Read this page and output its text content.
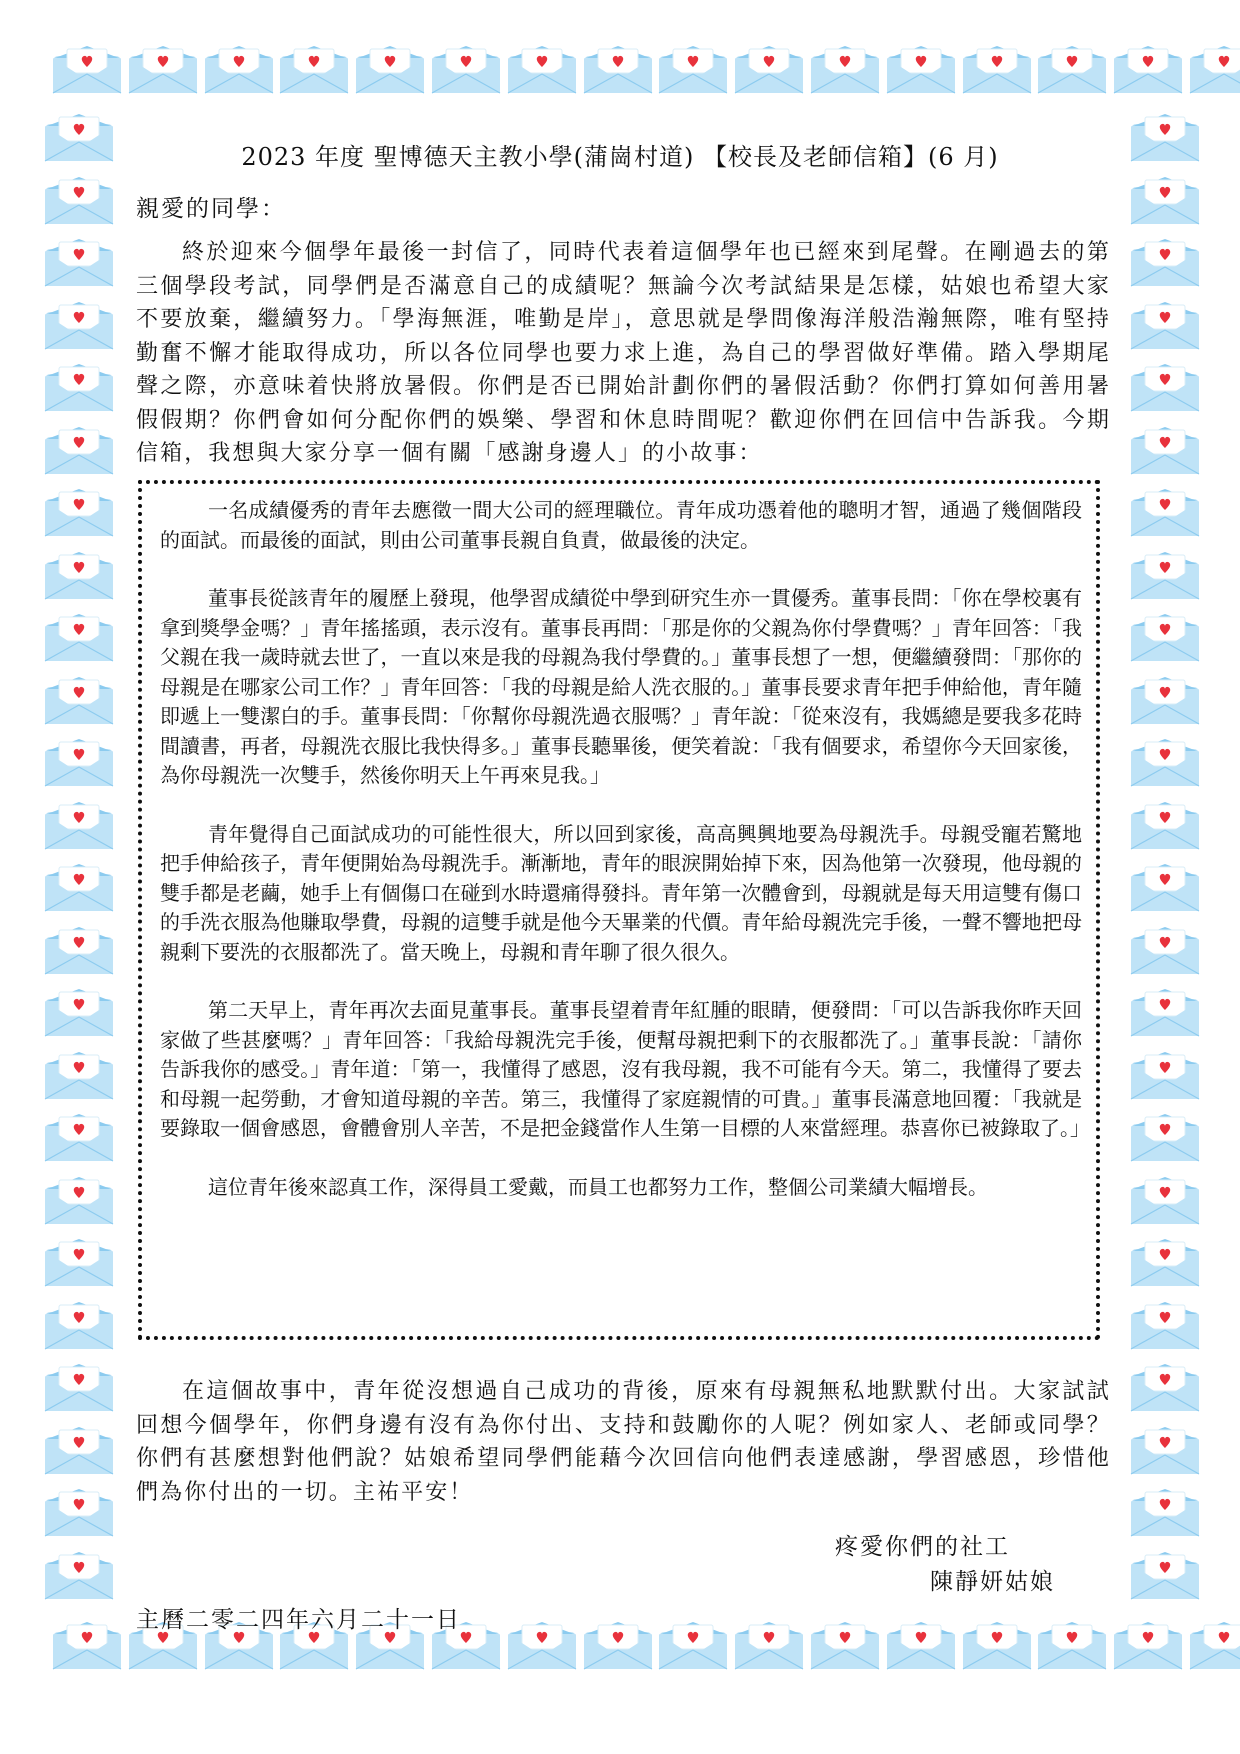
2023 年度 聖博德天主教小學(蒲崗村道) 【校長及老師信箱】(6 月)
親愛的同學：

終於迎來今個學年最後一封信了，同時代表着這個學年也已經來到尾聲。在剛過去的第三個學段考試，同學們是否滿意自己的成績呢？無論今次考試結果是怎樣，姑娘也希望大家不要放棄，繼續努力。「學海無涯，唯勤是岸」，意思就是學問像海洋般浩瀚無際，唯有堅持勤奮不懈才能取得成功，所以各位同學也要力求上進，為自己的學習做好準備。踏入學期尾聲之際，亦意味着快將放暑假。你們是否已開始計劃你們的暑假活動？你們打算如何善用暑假假期？你們會如何分配你們的娛樂、學習和休息時間呢？歡迎你們在回信中告訴我。今期信箱，我想與大家分享一個有關「感謝身邊人」的小故事：

一名成績優秀的青年去應徵一間大公司的經理職位。青年成功憑着他的聰明才智，通過了幾個階段的面試。而最後的面試，則由公司董事長親自負責，做最後的決定。

董事長從該青年的履歷上發現，他學習成績從中學到研究生亦一貫優秀。董事長問：「你在學校裏有拿到獎學金嗎？」青年搖搖頭，表示沒有。董事長再問：「那是你的父親為你付學費嗎？」青年回答：「我父親在我一歲時就去世了，一直以來是我的母親為我付學費的。」董事長想了一想，便繼續發問：「那你的母親是在哪家公司工作？」青年回答：「我的母親是給人洗衣服的。」董事長要求青年把手伸給他，青年隨即遞上一雙潔白的手。董事長問：「你幫你母親洗過衣服嗎？」青年說：「從來沒有，我媽總是要我多花時間讀書，再者，母親洗衣服比我快得多。」董事長聽畢後，便笑着說：「我有個要求，希望你今天回家後，為你母親洗一次雙手，然後你明天上午再來見我。」

青年覺得自己面試成功的可能性很大，所以回到家後，高高興興地要為母親洗手。母親受寵若驚地把手伸給孩子，青年便開始為母親洗手。漸漸地，青年的眼淚開始掉下來，因為他第一次發現，他母親的雙手都是老繭，她手上有個傷口在碰到水時還痛得發抖。青年第一次體會到，母親就是每天用這雙有傷口的手洗衣服為他賺取學費，母親的這雙手就是他今天畢業的代價。青年給母親洗完手後，一聲不響地把母親剩下要洗的衣服都洗了。當天晚上，母親和青年聊了很久很久。

第二天早上，青年再次去面見董事長。董事長望着青年紅腫的眼睛，便發問：「可以告訴我你昨天回家做了些甚麼嗎？」青年回答：「我給母親洗完手後，便幫母親把剩下的衣服都洗了。」董事長說：「請你告訴我你的感受。」青年道：「第一，我懂得了感恩，沒有我母親，我不可能有今天。第二，我懂得了要去和母親一起勞動，才會知道母親的辛苦。第三，我懂得了家庭親情的可貴。」董事長滿意地回覆：「我就是要錄取一個會感恩，會體會別人辛苦，不是把金錢當作人生第一目標的人來當經理。恭喜你已被錄取了。」

這位青年後來認真工作，深得員工愛戴，而員工也都努力工作，整個公司業績大幅增長。

在這個故事中，青年從沒想過自己成功的背後，原來有母親無私地默默付出。大家試試回想今個學年，你們身邊有沒有為你付出、支持和鼓勵你的人呢？例如家人、老師或同學？你們有甚麼想對他們說？姑娘希望同學們能藉今次回信向他們表達感謝，學習感恩，珍惜他們為你付出的一切。主祐平安！

疼愛你們的社工
陳靜妍姑娘
主曆二零二四年六月二十一日
